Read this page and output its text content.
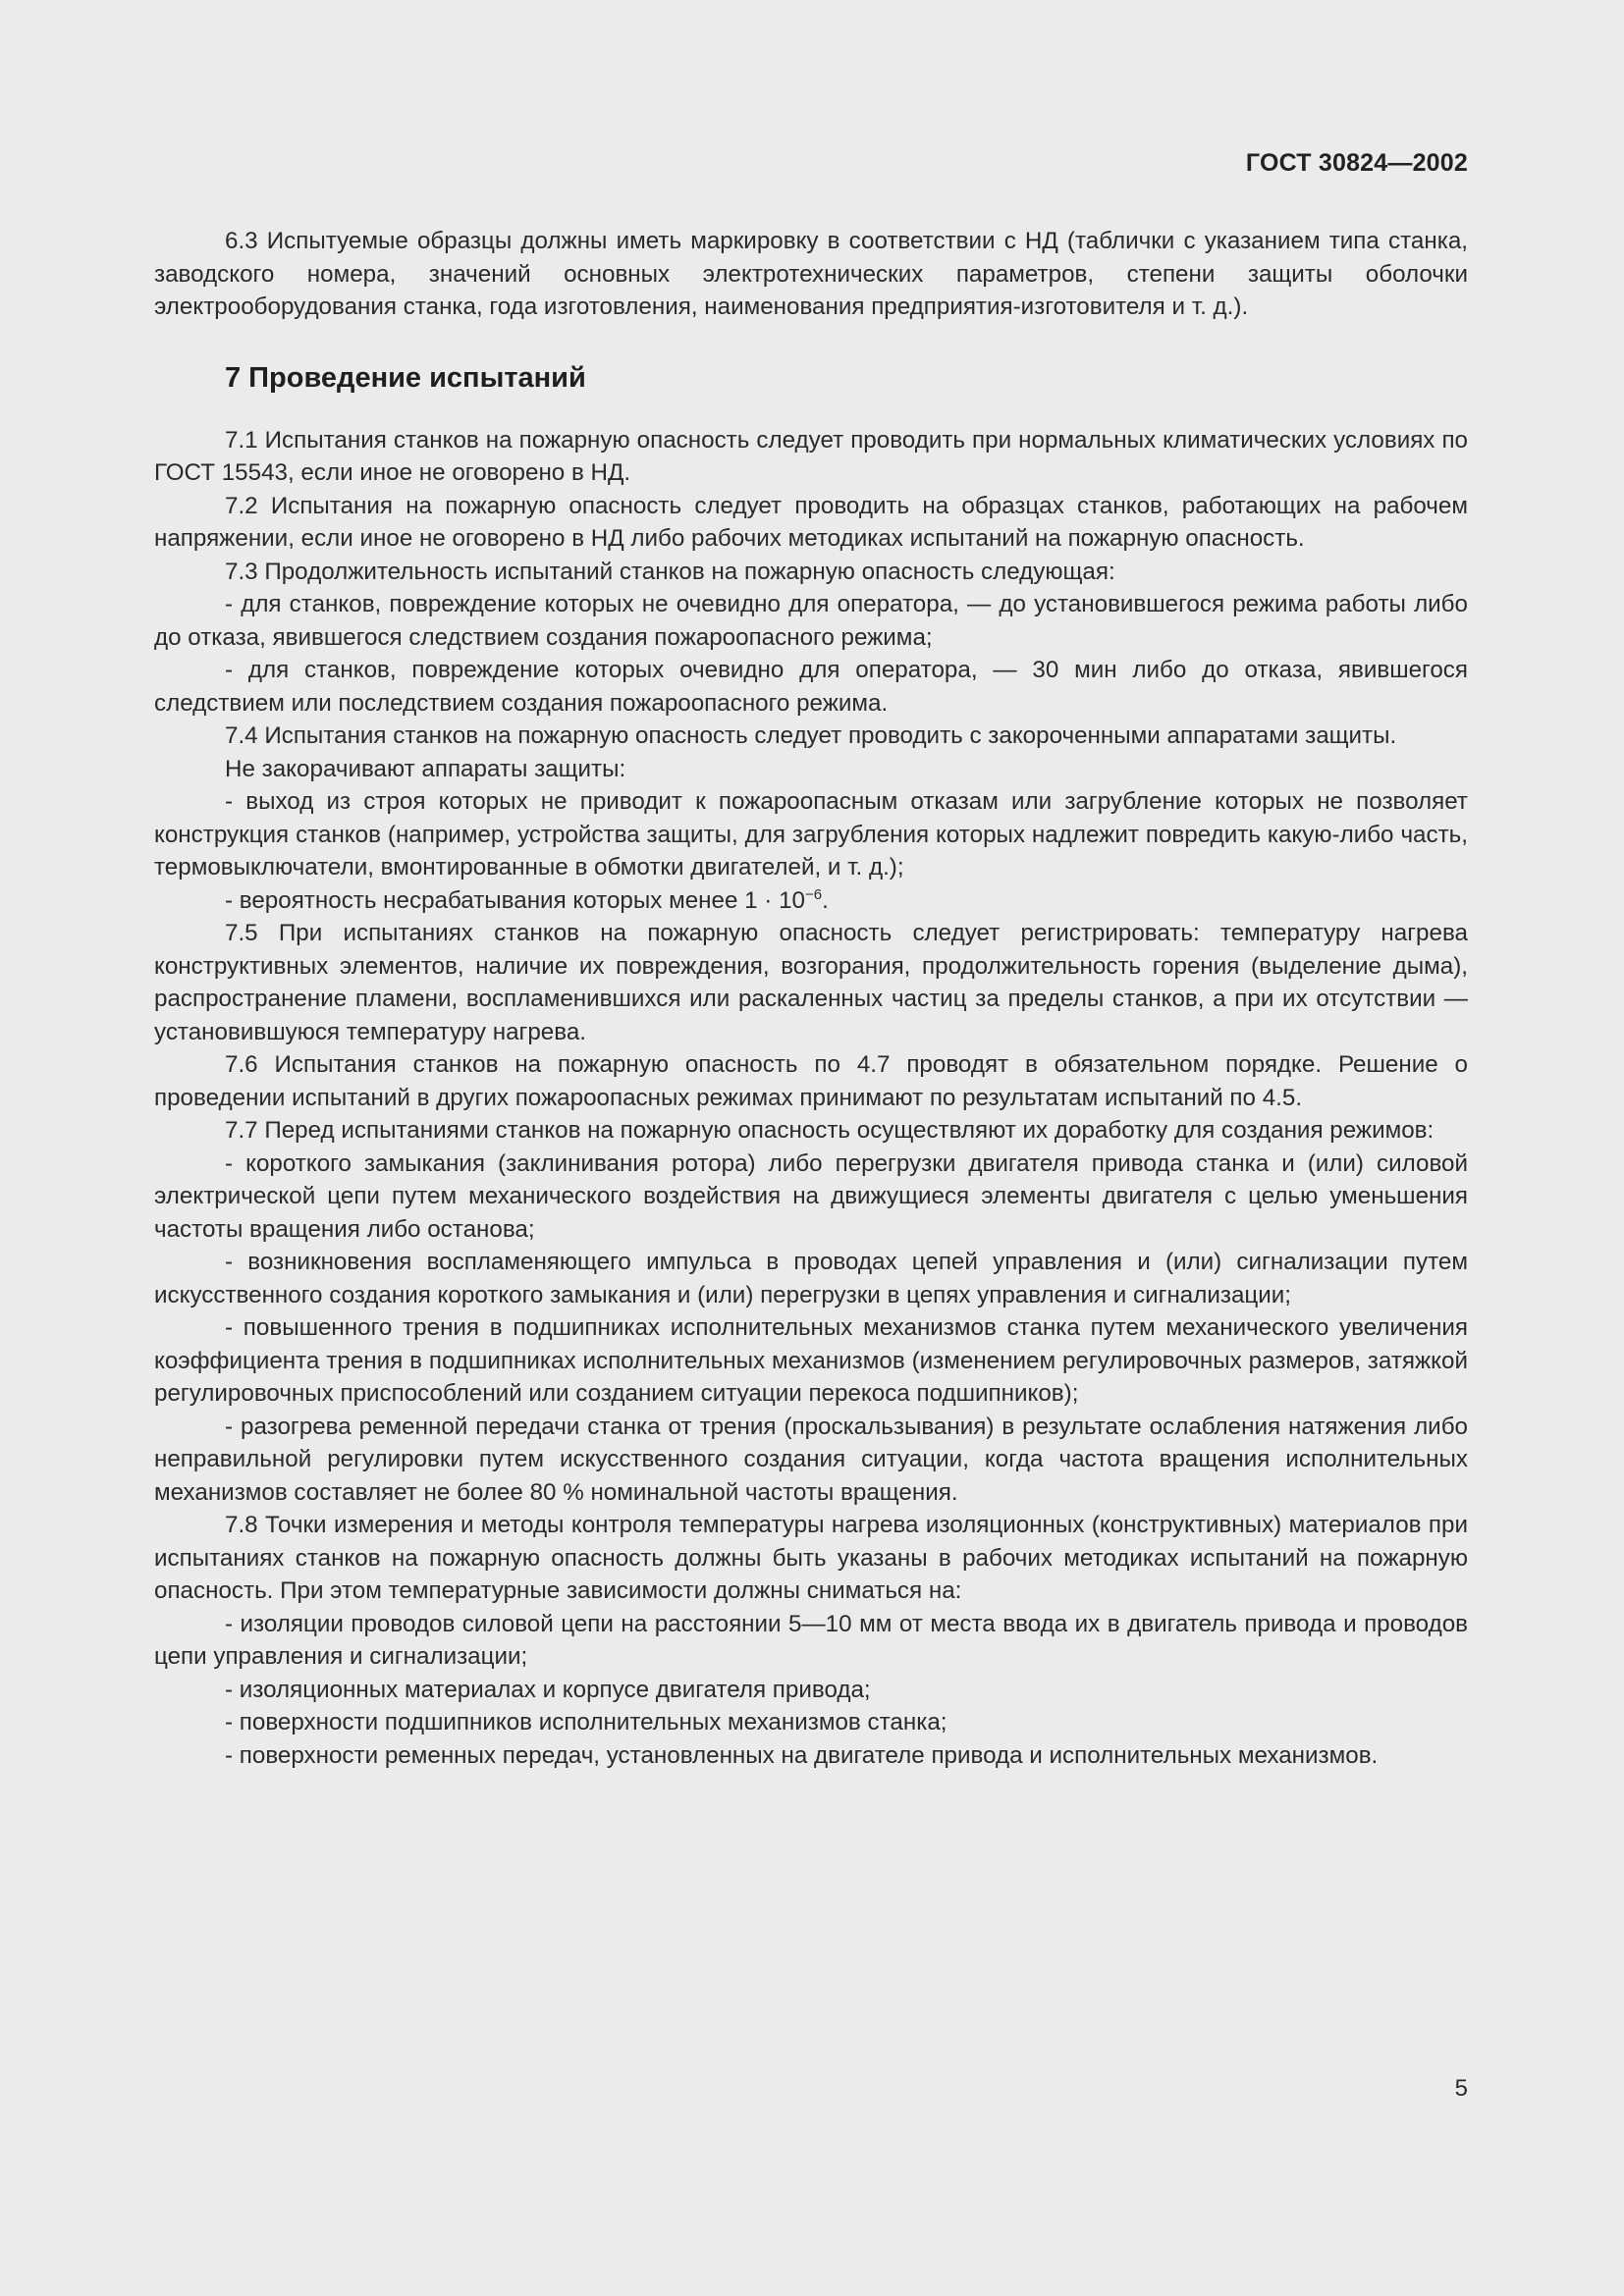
ГОСТ 30824—2002

6.3 Испытуемые образцы должны иметь маркировку в соответствии с НД (таблички с указанием типа станка, заводского номера, значений основных электротехнических параметров, степени защиты оболочки электрооборудования станка, года изготовления, наименования предприятия-изготовителя и т. д.).

7 Проведение испытаний

7.1 Испытания станков на пожарную опасность следует проводить при нормальных климатических условиях по ГОСТ 15543, если иное не оговорено в НД.

7.2 Испытания на пожарную опасность следует проводить на образцах станков, работающих на рабочем напряжении, если иное не оговорено в НД либо рабочих методиках испытаний на пожарную опасность.

7.3 Продолжительность испытаний станков на пожарную опасность следующая:

- для станков, повреждение которых не очевидно для оператора, — до установившегося режима работы либо до отказа, явившегося следствием создания пожароопасного режима;

- для станков, повреждение которых очевидно для оператора, — 30 мин либо до отказа, явившегося следствием или последствием создания пожароопасного режима.

7.4 Испытания станков на пожарную опасность следует проводить с закороченными аппаратами защиты.

Не закорачивают аппараты защиты:

- выход из строя которых не приводит к пожароопасным отказам или загрубление которых не позволяет конструкция станков (например, устройства защиты, для загрубления которых надлежит повредить какую-либо часть, термовыключатели, вмонтированные в обмотки двигателей, и т. д.);

- вероятность несрабатывания которых менее $1 \cdot 10^{-6}$.

7.5 При испытаниях станков на пожарную опасность следует регистрировать: температуру нагрева конструктивных элементов, наличие их повреждения, возгорания, продолжительность горения (выделение дыма), распространение пламени, воспламенившихся или раскаленных частиц за пределы станков, а при их отсутствии — установившуюся температуру нагрева.

7.6 Испытания станков на пожарную опасность по 4.7 проводят в обязательном порядке. Решение о проведении испытаний в других пожароопасных режимах принимают по результатам испытаний по 4.5.

7.7 Перед испытаниями станков на пожарную опасность осуществляют их доработку для создания режимов:

- короткого замыкания (заклинивания ротора) либо перегрузки двигателя привода станка и (или) силовой электрической цепи путем механического воздействия на движущиеся элементы двигателя с целью уменьшения частоты вращения либо останова;

- возникновения воспламеняющего импульса в проводах цепей управления и (или) сигнализации путем искусственного создания короткого замыкания и (или) перегрузки в цепях управления и сигнализации;

- повышенного трения в подшипниках исполнительных механизмов станка путем механического увеличения коэффициента трения в подшипниках исполнительных механизмов (изменением регулировочных размеров, затяжкой регулировочных приспособлений или созданием ситуации перекоса подшипников);

- разогрева ременной передачи станка от трения (проскальзывания) в результате ослабления натяжения либо неправильной регулировки путем искусственного создания ситуации, когда частота вращения исполнительных механизмов составляет не более 80 % номинальной частоты вращения.

7.8 Точки измерения и методы контроля температуры нагрева изоляционных (конструктивных) материалов при испытаниях станков на пожарную опасность должны быть указаны в рабочих методиках испытаний на пожарную опасность. При этом температурные зависимости должны сниматься на:

- изоляции проводов силовой цепи на расстоянии 5—10 мм от места ввода их в двигатель привода и проводов цепи управления и сигнализации;

- изоляционных материалах и корпусе двигателя привода;

- поверхности подшипников исполнительных механизмов станка;

- поверхности ременных передач, установленных на двигателе привода и исполнительных механизмов.

5
